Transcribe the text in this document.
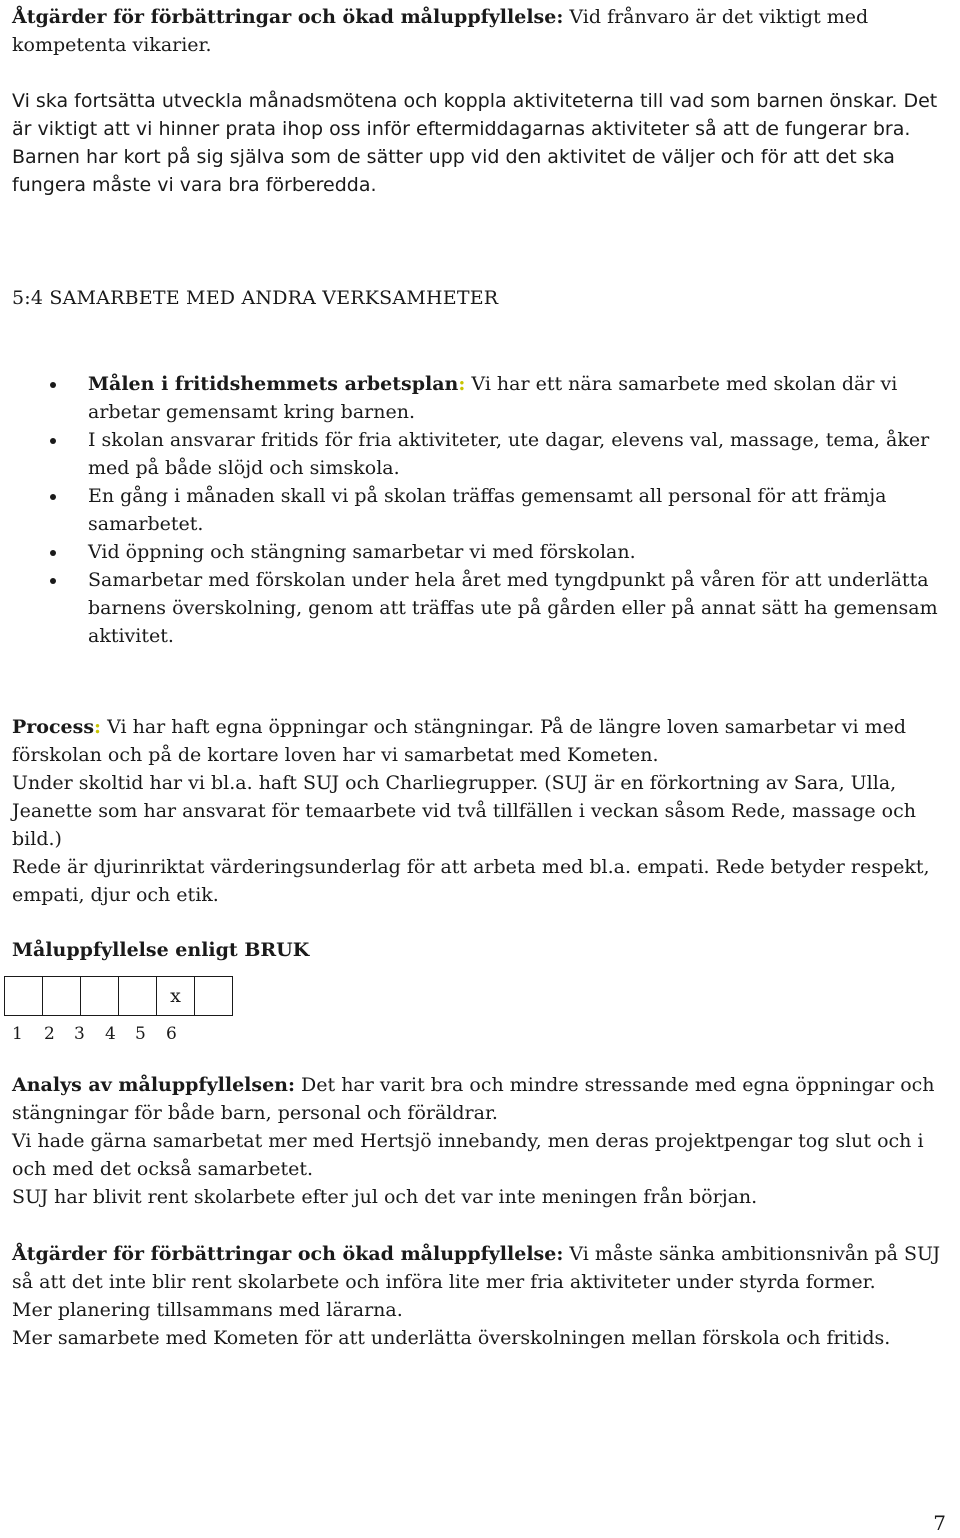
Åtgärder för förbättringar och ökad måluppfyllelse: Vid frånvaro är det viktigt med kompetenta vikarier.

Vi ska fortsätta utveckla månadsmötena och koppla aktiviteterna till vad som barnen önskar. Det är viktigt att vi hinner prata ihop oss inför eftermiddagarnas aktiviteter så att de fungerar bra. Barnen har kort på sig själva som de sätter upp vid den aktivitet de väljer och för att det ska fungera måste vi vara bra förberedda.

5:4 SAMARBETE MED ANDRA VERKSAMHETER
Målen i fritidshemmets arbetsplan: Vi har ett nära samarbete med skolan där vi arbetar gemensamt kring barnen.
I skolan ansvarar fritids för fria aktiviteter, ute dagar, elevens val, massage, tema, åker med på både slöjd och simskola.
En gång i månaden skall vi på skolan träffas gemensamt all personal för att främja samarbetet.
Vid öppning och stängning samarbetar vi med förskolan.
Samarbetar med förskolan under hela året med tyngdpunkt på våren för att underlätta barnens överskolning, genom att träffas ute på gården eller på annat sätt ha gemensam aktivitet.

Process: Vi har haft egna öppningar och stängningar. På de längre loven samarbetar vi med förskolan och på de kortare loven har vi samarbetat med Kometen.

Under skoltid har vi bl.a. haft SUJ och Charliegrupper. (SUJ är en förkortning av Sara, Ulla, Jeanette som har ansvarat för temaarbete vid två tillfällen i veckan såsom Rede, massage och bild.)

Rede är djurinriktat värderingsunderlag för att arbeta med bl.a. empati. Rede betyder respekt, empati, djur och etik.

Måluppfyllelse enligt BRUK
				x	
1	2	3	4	5	6

Analys av måluppfyllelsen: Det har varit bra och mindre stressande med egna öppningar och stängningar för både barn, personal och föräldrar.

Vi hade gärna samarbetat mer med Hertsjö innebandy, men deras projektpengar tog slut och i och med det också samarbetet.

SUJ har blivit rent skolarbete efter jul och det var inte meningen från början.

Åtgärder för förbättringar och ökad måluppfyllelse: Vi måste sänka ambitionsnivån på SUJ så att det inte blir rent skolarbete och införa lite mer fria aktiviteter under styrda former.

Mer planering tillsammans med lärarna.

Mer samarbete med Kometen för att underlätta överskolningen mellan förskola och fritids.

7
